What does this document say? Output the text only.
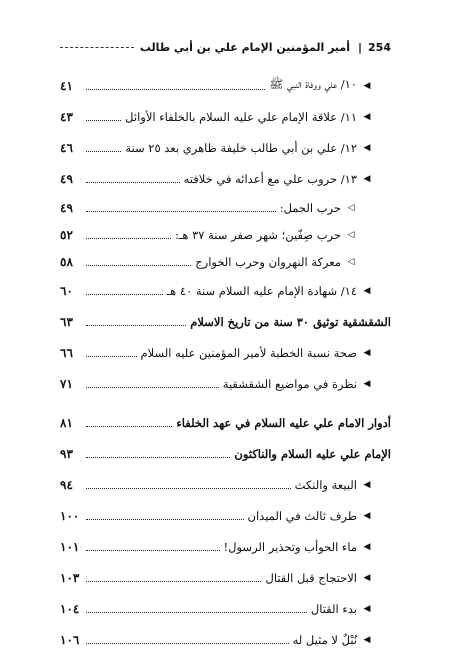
254
|
أمير المؤمنين الإمام علي بن أبي طالب
◀
١٠/ علي ووفاة النبي ﷺ
٤١
◀
١١/ علاقة الإمام علي عليه السلام بالخلفاء الأوائل
٤٣
◀
١٢/ علي بن أبي طالب خليفة ظاهري بعد ٢٥ سنة
٤٦
◀
١٣/ حروب علي مع أعدائه في خلافته
٤٩
◁
حرب الجمل:
٤٩
◁
حرب صِفّين؛ شهر صفر سنة ٣٧ هـ:
٥٢
◁
معركة النهروان وحرب الخوارج
٥٨
◀
١٤/ شهادة الإمام عليه السلام سنة ٤٠ هـ
٦٠
الشقشقية توثيق ٣٠ سنة من تاريخ الاسلام
٦٣
◀
صحة نسبة الخطبة لأمير المؤمنين عليه السلام
٦٦
◀
نظرة في مواضيع الشقشقية
٧١
أدوار الامام علي عليه السلام في عهد الخلفاء
٨١
الإمام علي عليه السلام والناكثون
٩٣
◀
البيعة والنكث
٩٤
◀
طرف ثالث في الميدان
١٠٠
◀
ماء الحوأب وتحذير الرسول!
١٠١
◀
الاحتجاج قبل القتال
١٠٣
◀
بدء القتال
١٠٤
◀
نُبْلٌ لا مثيل له
١٠٦
